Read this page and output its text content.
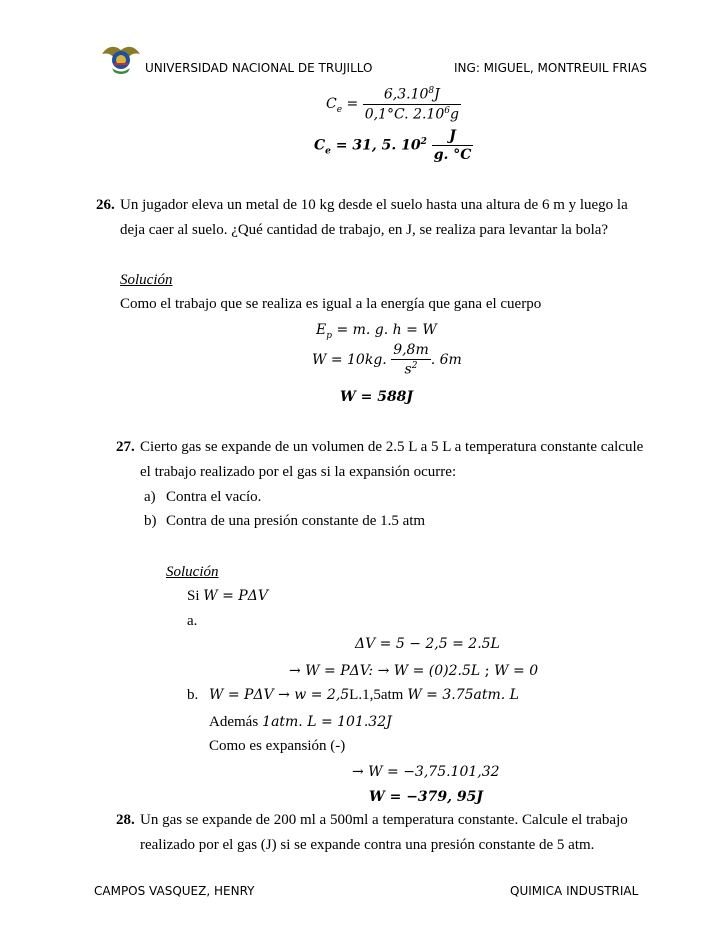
UNIVERSIDAD NACIONAL DE TRUJILLO	ING: MIGUEL, MONTREUIL FRIAS
$C_e = \frac{6,3.10^8J}{0,1^\circ C. 2.10^6g}$
$C_e = 31$, 5. $10^2 \frac{J}{g. ^\circ C}$
26. Un jugador eleva un metal de 10 kg desde el suelo hasta una altura de 6 m y luego la
deja caer al suelo. ¿Qué cantidad de trabajo, en J, se realiza para levantar la bola?
Solución
Como el trabajo que se realiza es igual a la energía que gana el cuerpo
$E_p = m$. g. h = W
W = 10kg. $\frac{9,8m}{s^2}$ . 6m
W = 588J
27. Cierto gas se expande de un volumen de 2.5 L a 5 L a temperatura constante calcule
el trabajo realizado por el gas si la expansión ocurre:
a) Contra el vacío.
b) Contra de una presión constante de 1.5 atm
Solución
Si W = PΔV
a.
ΔV = 5 − 2,5 = 2.5L
→ W = PΔV: → W = (0)2.5L ; W = 0
b. W = PΔV → w = 2,5L.1,5atm W = 3.75atm. L
Además 1atm. L = 101.32J
Como es expansión (-)
→ W = −3,75.101,32
W = −379, 95J
28. Un gas se expande de 200 ml a 500ml a temperatura constante. Calcule el trabajo
realizado por el gas (J) si se expande contra una presión constante de 5 atm.
CAMPOS VASQUEZ, HENRY	QUIMICA INDUSTRIAL
